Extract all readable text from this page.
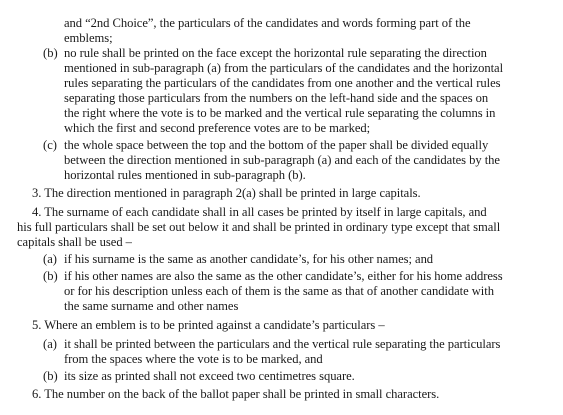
and “2nd Choice”, the particulars of the candidates and words forming part of the
emblems;
(b) no rule shall be printed on the face except the horizontal rule separating the direction
mentioned in sub-paragraph (a) from the particulars of the candidates and the horizontal
rules separating the particulars of the candidates from one another and the vertical rules
separating those particulars from the numbers on the left-hand side and the spaces on
the right where the vote is to be marked and the vertical rule separating the columns in
which the first and second preference votes are to be marked;
(c) the whole space between the top and the bottom of the paper shall be divided equally
between the direction mentioned in sub-paragraph (a) and each of the candidates by the
horizontal rules mentioned in sub-paragraph (b).
3. The direction mentioned in paragraph 2(a) shall be printed in large capitals.
4. The surname of each candidate shall in all cases be printed by itself in large capitals, and
his full particulars shall be set out below it and shall be printed in ordinary type except that small
capitals shall be used –
(a) if his surname is the same as another candidate’s, for his other names; and
(b) if his other names are also the same as the other candidate’s, either for his home address
or for his description unless each of them is the same as that of another candidate with
the same surname and other names
5. Where an emblem is to be printed against a candidate’s particulars –
(a) it shall be printed between the particulars and the vertical rule separating the particulars
from the spaces where the vote is to be marked, and
(b) its size as printed shall not exceed two centimetres square.
6. The number on the back of the ballot paper shall be printed in small characters.
